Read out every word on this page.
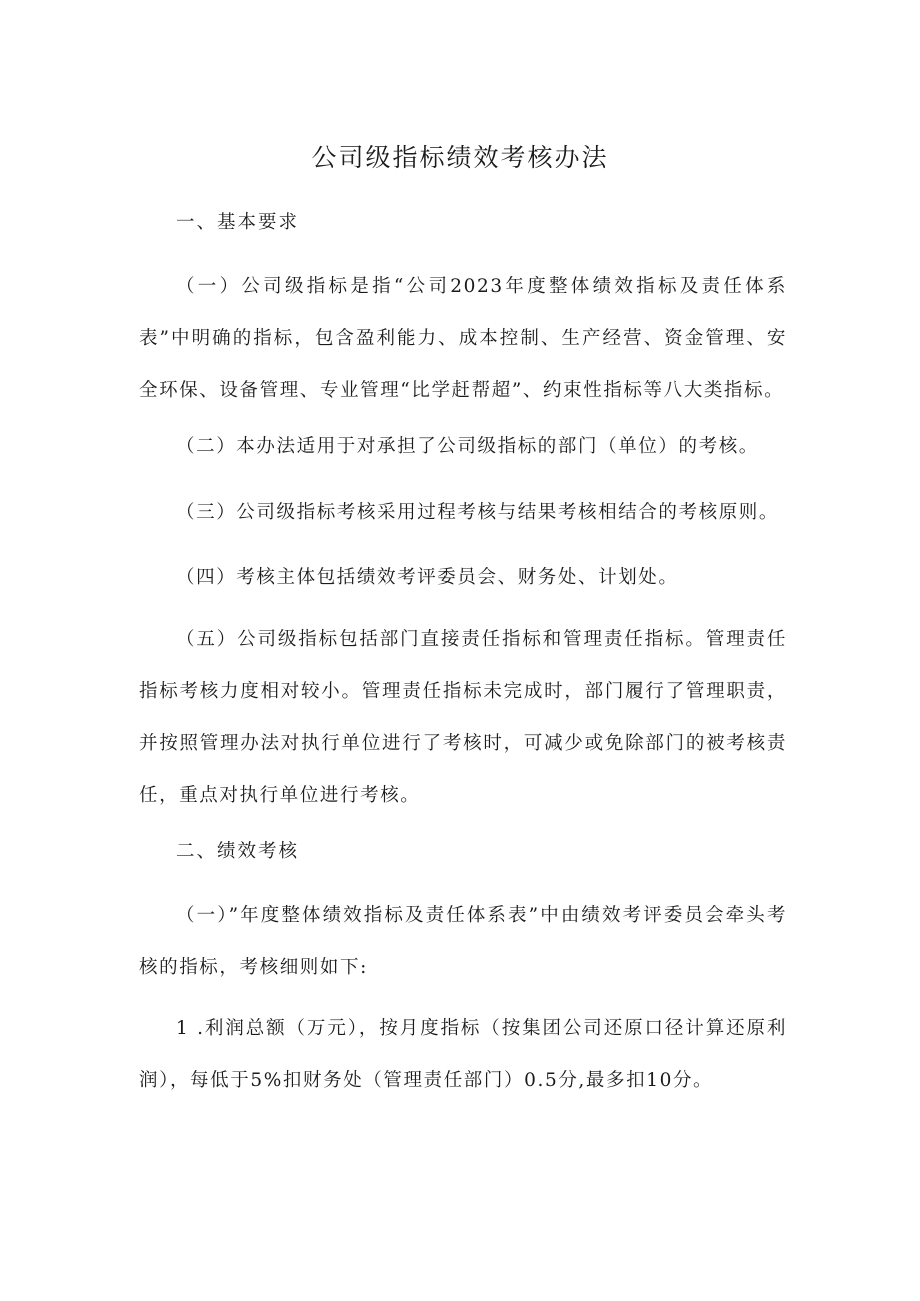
公司级指标绩效考核办法

一、基本要求

（一）公司级指标是指“公司2023年度整体绩效指标及责任体系表”中明确的指标，包含盈利能力、成本控制、生产经营、资金管理、安全环保、设备管理、专业管理“比学赶帮超”、约束性指标等八大类指标。

（二）本办法适用于对承担了公司级指标的部门（单位）的考核。

（三）公司级指标考核采用过程考核与结果考核相结合的考核原则。

（四）考核主体包括绩效考评委员会、财务处、计划处。

（五）公司级指标包括部门直接责任指标和管理责任指标。管理责任指标考核力度相对较小。管理责任指标未完成时，部门履行了管理职责，并按照管理办法对执行单位进行了考核时，可减少或免除部门的被考核责任，重点对执行单位进行考核。

二、绩效考核

（一）”年度整体绩效指标及责任体系表”中由绩效考评委员会牵头考核的指标，考核细则如下:

1 .利润总额（万元），按月度指标（按集团公司还原口径计算还原利润），每低于5%扣财务处（管理责任部门）0.5分,最多扣10分。
